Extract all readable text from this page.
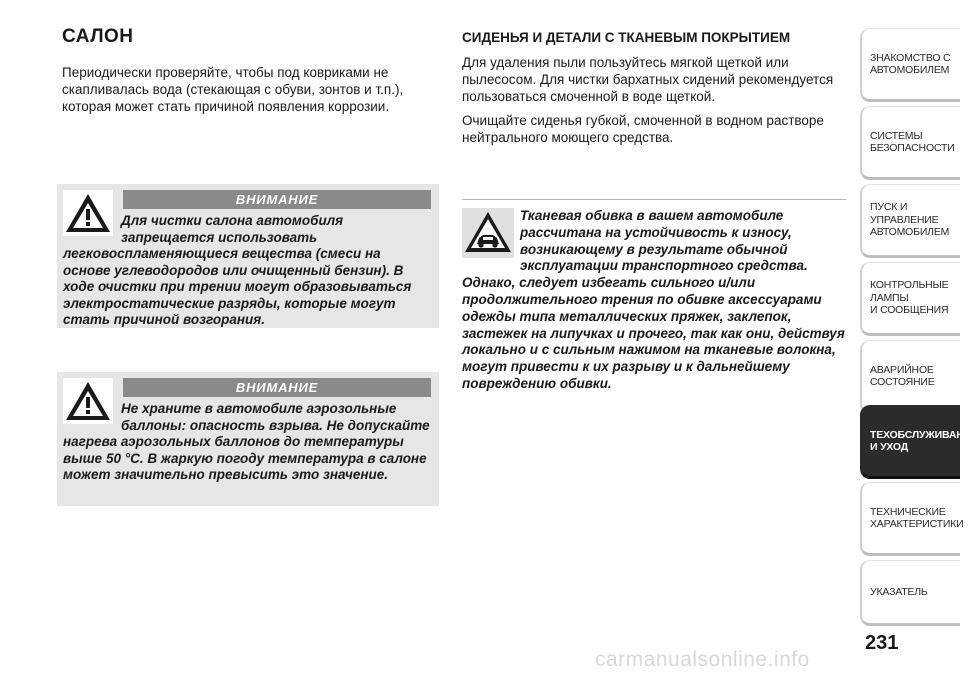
САЛОН

Периодически проверяйте, чтобы под ковриками не скапливалась вода (стекающая с обуви, зонтов и т.п.), которая может стать причиной появления коррозии.

ВНИМАНИЕ

Для чистки салона автомобиля запрещается использовать легковоспламеняющиеся вещества (смеси на основе углеводородов или очищенный бензин). В ходе очистки при трении могут образовываться электростатические разряды, которые могут стать причиной возгорания.

ВНИМАНИЕ

Не храните в автомобиле аэрозольные баллоны: опасность взрыва. Не допускайте нагрева аэрозольных баллонов до температуры выше 50 °C. В жаркую погоду температура в салоне может значительно превысить это значение.

СИДЕНЬЯ И ДЕТАЛИ С ТКАНЕВЫМ ПОКРЫТИЕМ

Для удаления пыли пользуйтесь мягкой щеткой или пылесосом. Для чистки бархатных сидений рекомендуется пользоваться смоченной в воде щеткой.

Очищайте сиденья губкой, смоченной в водном растворе нейтрального моющего средства.

Тканевая обивка в вашем автомобиле рассчитана на устойчивость к износу, возникающему в результате обычной эксплуатации транспортного средства. Однако, следует избегать сильного и/или продолжительного трения по обивке аксессуарами одежды типа металлических пряжек, заклепок, застежек на липучках и прочего, так как они, действуя локально и с сильным нажимом на тканевые волокна, могут привести к их разрыву и к дальнейшему повреждению обивки.

ЗНАКОМСТВО С
АВТОМОБИЛЕМ
СИСТЕМЫ
БЕЗОПАСНОСТИ
ПУСК И УПРАВЛЕНИЕ
АВТОМОБИЛЕМ
КОНТРОЛЬНЫЕ
ЛАМПЫ
И СООБЩЕНИЯ
АВАРИЙНОЕ
СОСТОЯНИЕ
ТЕХОБСЛУЖИВАНИЕ
И УХОД
ТЕХНИЧЕСКИЕ
ХАРАКТЕРИСТИКИ
УКАЗАТЕЛЬ

231

carmanualsonline.info
